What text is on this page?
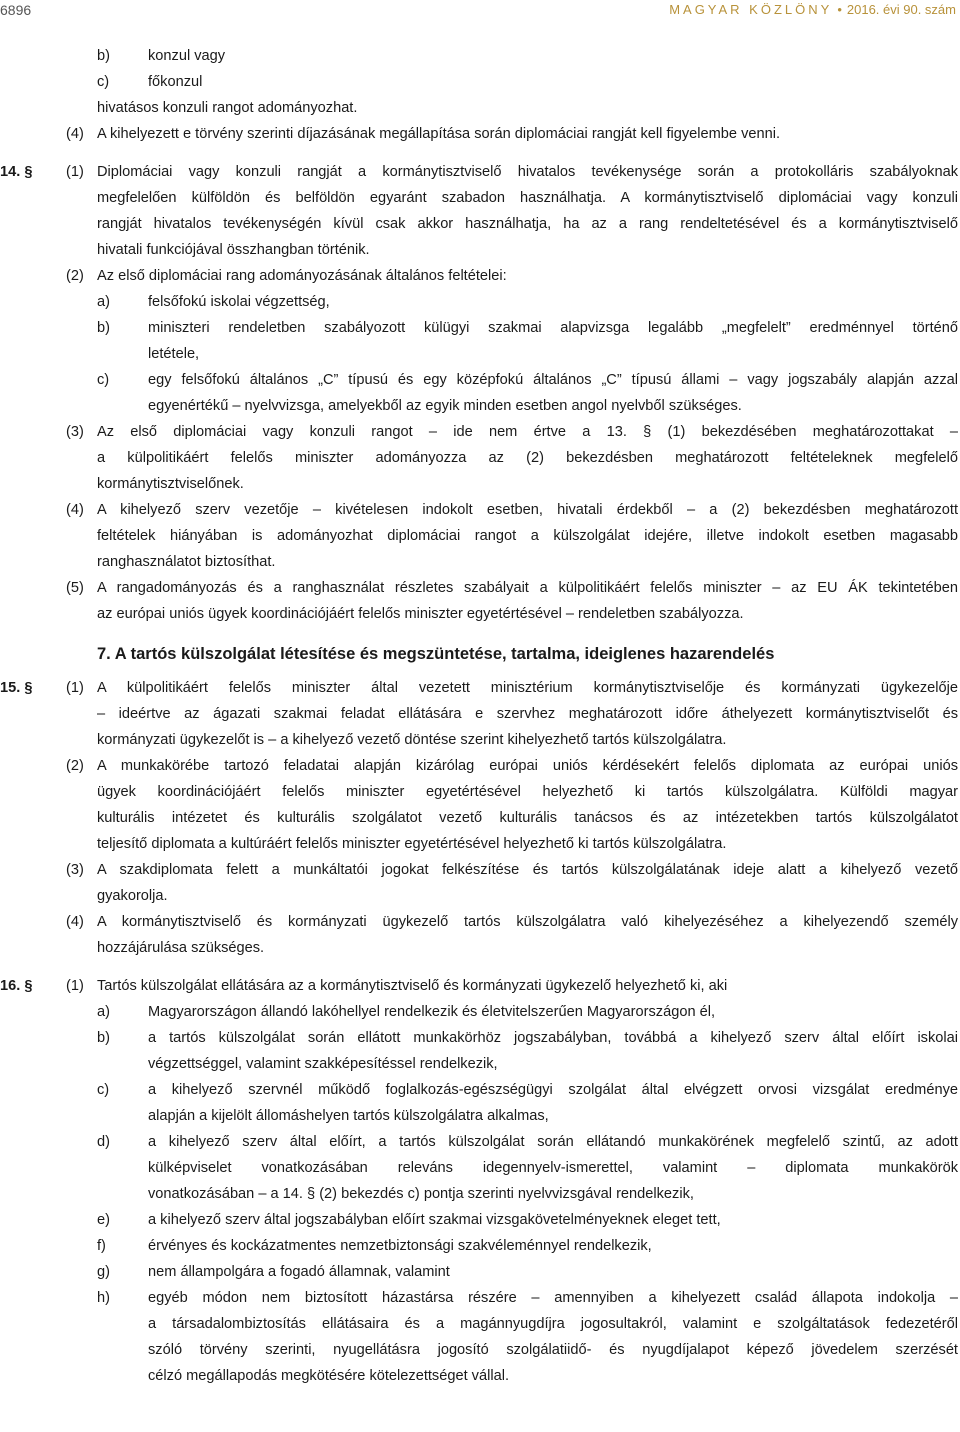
6896	MAGYAR KÖZLÖNY • 2016. évi 90. szám
b)	konzul vagy
c)	főkonzul
hivatásos konzuli rangot adományozhat.
(4) A kihelyezett e törvény szerinti díjazásának megállapítása során diplomáciai rangját kell figyelembe venni.
14. § (1) Diplomáciai vagy konzuli rangját a kormánytisztviselő hivatalos tevékenysége során a protokolláris szabályoknak
megfelelően külföldön és belföldön egyaránt szabadon használhatja. A kormánytisztviselő diplomáciai vagy konzuli
rangját hivatalos tevékenységén kívül csak akkor használhatja, ha az a rang rendeltetésével és a kormánytisztviselő
hivatali funkciójával összhangban történik.
(2) Az első diplomáciai rang adományozásának általános feltételei:
a)	felsőfokú iskolai végzettség,
b)	miniszteri rendeletben szabályozott külügyi szakmai alapvizsga legalább „megfelelt” eredménnyel történő
letétele,
c)	egy felsőfokú általános „C” típusú és egy középfokú általános „C” típusú állami – vagy jogszabály alapján azzal
egyenértékű – nyelvvizsga, amelyekből az egyik minden esetben angol nyelvből szükséges.
(3) Az első diplomáciai vagy konzuli rangot – ide nem értve a 13. § (1) bekezdésében meghatározottakat –
a külpolitikáért felelős miniszter adományozza az (2) bekezdésben meghatározott feltételeknek megfelelő
kormánytisztviselőnek.
(4) A kihelyező szerv vezetője – kivételesen indokolt esetben, hivatali érdekből – a (2) bekezdésben meghatározott
feltételek hiányában is adományozhat diplomáciai rangot a külszolgálat idejére, illetve indokolt esetben magasabb
ranghasználatot biztosíthat.
(5) A rangadományozás és a ranghasználat részletes szabályait a külpolitikáért felelős miniszter – az EU ÁK tekintetében
az európai uniós ügyek koordinációjáért felelős miniszter egyetértésével – rendeletben szabályozza.
7. A tartós külszolgálat létesítése és megszüntetése, tartalma, ideiglenes hazarendelés
15. § (1) A külpolitikáért felelős miniszter által vezetett minisztérium kormánytisztviselője és kormányzati ügykezelője
– ideértve az ágazati szakmai feladat ellátására e szervhez meghatározott időre áthelyezett kormánytisztviselőt és
kormányzati ügykezelőt is – a kihelyező vezető döntése szerint kihelyezhető tartós külszolgálatra.
(2) A munkakörébe tartozó feladatai alapján kizárólag európai uniós kérdésekért felelős diplomata az európai uniós
ügyek koordinációjáért felelős miniszter egyetértésével helyezhető ki tartós külszolgálatra. Külföldi magyar
kulturális intézetet és kulturális szolgálatot vezető kulturális tanácsos és az intézetekben tartós külszolgálatot
teljesítő diplomata a kultúráért felelős miniszter egyetértésével helyezhető ki tartós külszolgálatra.
(3) A szakdiplomata felett a munkáltatói jogokat felkészítése és tartós külszolgálatának ideje alatt a kihelyező vezető
gyakorolja.
(4) A kormánytisztviselő és kormányzati ügykezelő tartós külszolgálatra való kihelyezéséhez a kihelyezendő személy
hozzájárulása szükséges.
16. § (1) Tartós külszolgálat ellátására az a kormánytisztviselő és kormányzati ügykezelő helyezhető ki, aki
a)	Magyarországon állandó lakóhellyel rendelkezik és életvitelszerűen Magyarországon él,
b)	a tartós külszolgálat során ellátott munkakörhöz jogszabályban, továbbá a kihelyező szerv által előírt iskolai
végzettséggel, valamint szakképesítéssel rendelkezik,
c)	a kihelyező szervnél működő foglalkozás-egészségügyi szolgálat által elvégzett orvosi vizsgálat eredménye
alapján a kijelölt állomáshelyen tartós külszolgálatra alkalmas,
d)	a kihelyező szerv által előírt, a tartós külszolgálat során ellátandó munkakörének megfelelő szintű, az adott
külképviselet vonatkozásában releváns idegennyelv-ismerettel, valamint – diplomata munkakörök
vonatkozásában – a 14. § (2) bekezdés c) pontja szerinti nyelvvizsgával rendelkezik,
e)	a kihelyező szerv által jogszabályban előírt szakmai vizsgakövetelményeknek eleget tett,
f)	érvényes és kockázatmentes nemzetbiztonsági szakvéleménnyel rendelkezik,
g)	nem állampolgára a fogadó államnak, valamint
h)	egyéb módon nem biztosított házastársa részére – amennyiben a kihelyezett család állapota indokolja –
a társadalombiztosítás ellátásaira és a magánnyugdíjra jogosultakról, valamint e szolgáltatások fedezetéről
szóló törvény szerinti, nyugellátásra jogosító szolgálatiidő- és nyugdíjalapot képező jövedelem szerzését
célzó megállapodás megkötésére kötelezettséget vállal.
